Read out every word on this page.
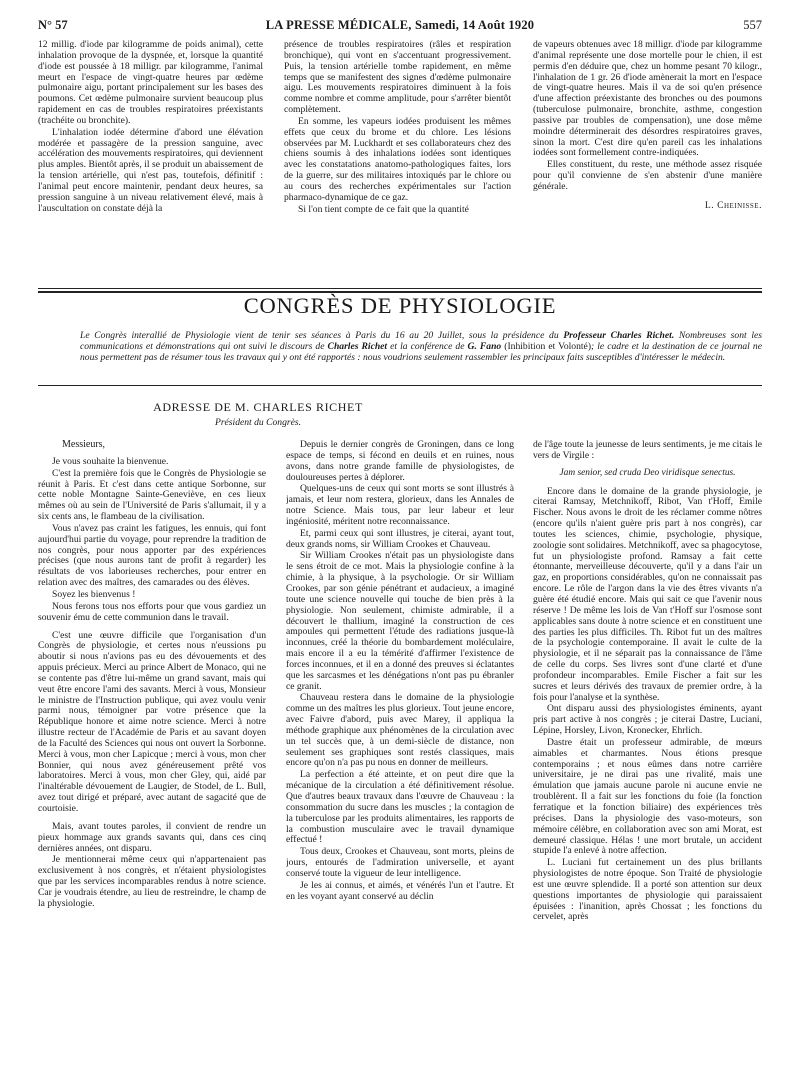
N° 57	LA PRESSE MÉDICALE, Samedi, 14 Août 1920	557

12 millig. d'iode par kilogramme de poids animal), cette inhalation provoque de la dyspnée, et, lorsque la quantité d'iode est poussée à 18 milligr. par kilogramme, l'animal meurt en l'espace de vingt-quatre heures par œdème pulmonaire aigu, portant principalement sur les bases des poumons. Cet œdème pulmonaire survient beaucoup plus rapidement en cas de troubles respiratoires préexistants (trachéite ou bronchite).

L'inhalation iodée détermine d'abord une élévation modérée et passagère de la pression sanguine, avec accélération des mouvements respiratoires, qui deviennent plus amples. Bientôt après, il se produit un abaissement de la tension artérielle, qui n'est pas, toutefois, définitif : l'animal peut encore maintenir, pendant deux heures, sa pression sanguine à un niveau relativement élevé, mais à l'auscultation on constate déjà la

présence de troubles respiratoires (râles et respiration bronchique), qui vont en s'accentuant progressivement. Puis, la tension artérielle tombe rapidement, en même temps que se manifestent des signes d'œdème pulmonaire aigu. Les mouvements respiratoires diminuent à la fois comme nombre et comme amplitude, pour s'arrêter bientôt complètement.

En somme, les vapeurs iodées produisent les mêmes effets que ceux du brome et du chlore. Les lésions observées par M. Luckhardt et ses collaborateurs chez des chiens soumis à des inhalations iodées sont identiques avec les constatations anatomo-pathologiques faites, lors de la guerre, sur des militaires intoxiqués par le chlore ou au cours des recherches expérimentales sur l'action pharmaco-dynamique de ce gaz.

Si l'on tient compte de ce fait que la quantité

de vapeurs obtenues avec 18 milligr. d'iode par kilogramme d'animal représente une dose mortelle pour le chien, il est permis d'en déduire que, chez un homme pesant 70 kilogr., l'inhalation de 1 gr. 26 d'iode amènerait la mort en l'espace de vingt-quatre heures. Mais il va de soi qu'en présence d'une affection préexistante des bronches ou des poumons (tuberculose pulmonaire, bronchite, asthme, congestion passive par troubles de compensation), une dose même moindre déterminerait des désordres respiratoires graves, sinon la mort. C'est dire qu'en pareil cas les inhalations iodées sont formellement contre-indiquées.

Elles constituent, du reste, une méthode assez risquée pour qu'il convienne de s'en abstenir d'une manière générale.

L. Cheinisse.

CONGRÈS DE PHYSIOLOGIE
Le Congrès interallié de Physiologie vient de tenir ses séances à Paris du 16 au 20 Juillet, sous la présidence du Professeur Charles Richet. Nombreuses sont les communications et démonstrations qui ont suivi le discours de Charles Richet et la conférence de G. Fano (Inhibition et Volonté); le cadre et la destination de ce journal ne nous permettent pas de résumer tous les travaux qui y ont été rapportés : nous voudrions seulement rassembler les principaux faits susceptibles d'intéresser le médecin.
ADRESSE DE M. CHARLES RICHET
Président du Congrès.

Messieurs,

Je vous souhaite la bienvenue.

C'est la première fois que le Congrès de Physiologie se réunit à Paris. Et c'est dans cette antique Sorbonne, sur cette noble Montagne Sainte-Geneviève, en ces lieux mêmes où au sein de l'Université de Paris s'allumait, il y a six cents ans, le flambeau de la civilisation.

Vous n'avez pas craint les fatigues, les ennuis, qui font aujourd'hui partie du voyage, pour reprendre la tradition de nos congrès, pour nous apporter par des expériences précises (que nous aurons tant de profit à regarder) les résultats de vos laborieuses recherches, pour entrer en relation avec des maîtres, des camarades ou des élèves.

Soyez les bienvenus !

Nous ferons tous nos efforts pour que vous gardiez un souvenir ému de cette communion dans le travail.

C'est une œuvre difficile que l'organisation d'un Congrès de physiologie, et certes nous n'eussions pu aboutir si nous n'avions pas eu des dévouements et des appuis précieux. Merci au prince Albert de Monaco, qui ne se contente pas d'être lui-même un grand savant, mais qui veut être encore l'ami des savants. Merci à vous, Monsieur le ministre de l'Instruction publique, qui avez voulu venir parmi nous, témoigner par votre présence que la République honore et aime notre science. Merci à notre illustre recteur de l'Académie de Paris et au savant doyen de la Faculté des Sciences qui nous ont ouvert la Sorbonne. Merci à vous, mon cher Lapicque ; merci à vous, mon cher Bonnier, qui nous avez généreusement prêté vos laboratoires. Merci à vous, mon cher Gley, qui, aidé par l'inaltérable dévouement de Laugier, de Stodel, de L. Bull, avez tout dirigé et préparé, avec autant de sagacité que de courtoisie.

Mais, avant toutes paroles, il convient de rendre un pieux hommage aux grands savants qui, dans ces cinq dernières années, ont disparu.

Je mentionnerai même ceux qui n'appartenaient pas exclusivement à nos congrès, et n'étaient physiologistes que par les services incomparables rendus à notre science. Car je voudrais étendre, au lieu de restreindre, le champ de la physiologie.

Depuis le dernier congrès de Groningen, dans ce long espace de temps, si fécond en deuils et en ruines, nous avons, dans notre grande famille de physiologistes, de douloureuses pertes à déplorer.

Quelques-uns de ceux qui sont morts se sont illustrés à jamais, et leur nom restera, glorieux, dans les Annales de notre Science. Mais tous, par leur labeur et leur ingéniosité, méritent notre reconnaissance.

Et, parmi ceux qui sont illustres, je citerai, ayant tout, deux grands noms, sir William Crookes et Chauveau.

Sir William Crookes n'était pas un physiologiste dans le sens étroit de ce mot. Mais la physiologie confine à la chimie, à la physique, à la psychologie. Or sir William Crookes, par son génie pénétrant et audacieux, a imaginé toute une science nouvelle qui touche de bien près à la physiologie. Non seulement, chimiste admirable, il a découvert le thallium, imaginé la construction de ces ampoules qui permettent l'étude des radiations jusque-là inconnues, créé la théorie du bombardement moléculaire, mais encore il a eu la témérité d'affirmer l'existence de forces inconnues, et il en a donné des preuves si éclatantes que les sarcasmes et les dénégations n'ont pas pu ébranler ce granit.

Chauveau restera dans le domaine de la physiologie comme un des maîtres les plus glorieux. Tout jeune encore, avec Faivre d'abord, puis avec Marey, il appliqua la méthode graphique aux phénomènes de la circulation avec un tel succès que, à un demi-siècle de distance, non seulement ses graphiques sont restés classiques, mais encore qu'on n'a pas pu nous en donner de meilleurs.

La perfection a été atteinte, et on peut dire que la mécanique de la circulation a été définitivement résolue. Que d'autres beaux travaux dans l'œuvre de Chauveau : la consommation du sucre dans les muscles ; la contagion de la tuberculose par les produits alimentaires, les rapports de la combustion musculaire avec le travail dynamique effectué !

Tous deux, Crookes et Chauveau, sont morts, pleins de jours, entourés de l'admiration universelle, et ayant conservé toute la vigueur de leur intelligence.

Je les ai connus, et aimés, et vénérés l'un et l'autre. Et en les voyant ayant conservé au déclin

de l'âge toute la jeunesse de leurs sentiments, je me citais le vers de Virgile :

Jam senior, sed cruda Deo viridisque senectus.

Encore dans le domaine de la grande physiologie, je citerai Ramsay, Metchnikoff, Ribot, Van t'Hoff, Emile Fischer. Nous avons le droit de les réclamer comme nôtres (encore qu'ils n'aient guère pris part à nos congrès), car toutes les sciences, chimie, psychologie, physique, zoologie sont solidaires. Metchnikoff, avec sa phagocytose, fut un physiologiste profond. Ramsay a fait cette étonnante, merveilleuse découverte, qu'il y a dans l'air un gaz, en proportions considérables, qu'on ne connaissait pas encore. Le rôle de l'argon dans la vie des êtres vivants n'a guère été étudié encore. Mais qui sait ce que l'avenir nous réserve ! De même les lois de Van t'Hoff sur l'osmose sont applicables sans doute à notre science et en constituent une des parties les plus difficiles. Th. Ribot fut un des maîtres de la psychologie contemporaine. Il avait le culte de la physiologie, et il ne séparait pas la connaissance de l'âme de celle du corps. Ses livres sont d'une clarté et d'une profondeur incomparables. Emile Fischer a fait sur les sucres et leurs dérivés des travaux de premier ordre, à la fois pour l'analyse et la synthèse.

Ont disparu aussi des physiologistes éminents, ayant pris part active à nos congrès ; je citerai Dastre, Luciani, Lépine, Horsley, Livon, Kronecker, Ehrlich.

Dastre était un professeur admirable, de mœurs aimables et charmantes. Nous étions presque contemporains ; et nous eûmes dans notre carrière universitaire, je ne dirai pas une rivalité, mais une émulation que jamais aucune parole ni aucune envie ne troublèrent. Il a fait sur les fonctions du foie (la fonction ferratique et la fonction biliaire) des expériences très précises. Dans la physiologie des vaso-moteurs, son mémoire célèbre, en collaboration avec son ami Morat, est demeuré classique. Hélas ! une mort brutale, un accident stupide l'a enlevé à notre affection.

L. Luciani fut certainement un des plus brillants physiologistes de notre époque. Son Traité de physiologie est une œuvre splendide. Il a porté son attention sur deux questions importantes de physiologie qui paraissaient épuisées : l'inanition, après Chossat ; les fonctions du cervelet, après
